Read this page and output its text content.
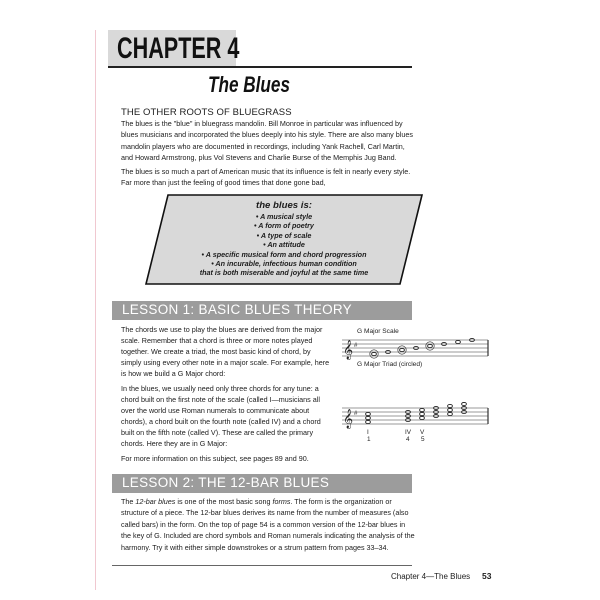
CHAPTER 4
The Blues
THE OTHER ROOTS OF BLUEGRASS

The blues is the "blue" in bluegrass mandolin. Bill Monroe in particular was influenced by blues musicians and incorporated the blues deeply into his style. There are also many blues mandolin players who are documented in recordings, including Yank Rachell, Carl Martin, and Howard Armstrong, plus Vol Stevens and Charlie Burse of the Memphis Jug Band.

The blues is so much a part of American music that its influence is felt in nearly every style. Far more than just the feeling of good times that done gone bad,

the blues is:
• A musical style
• A form of poetry
• A type of scale
• An attitude
• A specific musical form and chord progression
• An incurable, infectious human condition
that is both miserable and joyful at the same time
LESSON 1: BASIC BLUES THEORY

The chords we use to play the blues are derived from the major scale. Remember that a chord is three or more notes played together. We create a triad, the most basic kind of chord, by simply using every other note in a major scale. For example, here is how we build a G Major chord:

In the blues, we usually need only three chords for any tune: a chord built on the first note of the scale (called I—musicians all over the world use Roman numerals to communicate about chords), a chord built on the fourth note (called IV) and a chord built on the fifth note (called V). These are called the primary chords. Here they are in G Major:

For more information on this subject, see pages 89 and 90.

G Major Scale
𝄞 #
G Major Triad (circled)
𝄞 #
I	IV V
1	4 5
LESSON 2: THE 12-BAR BLUES

The 12-bar blues is one of the most basic song forms. The form is the organization or structure of a piece. The 12-bar blues derives its name from the number of measures (also called bars) in the form. On the top of page 54 is a common version of the 12-bar blues in the key of G. Included are chord symbols and Roman numerals indicating the analysis of the harmony. Try it with either simple downstrokes or a strum pattern from pages 33–34.

Chapter 4—The Blues 53
